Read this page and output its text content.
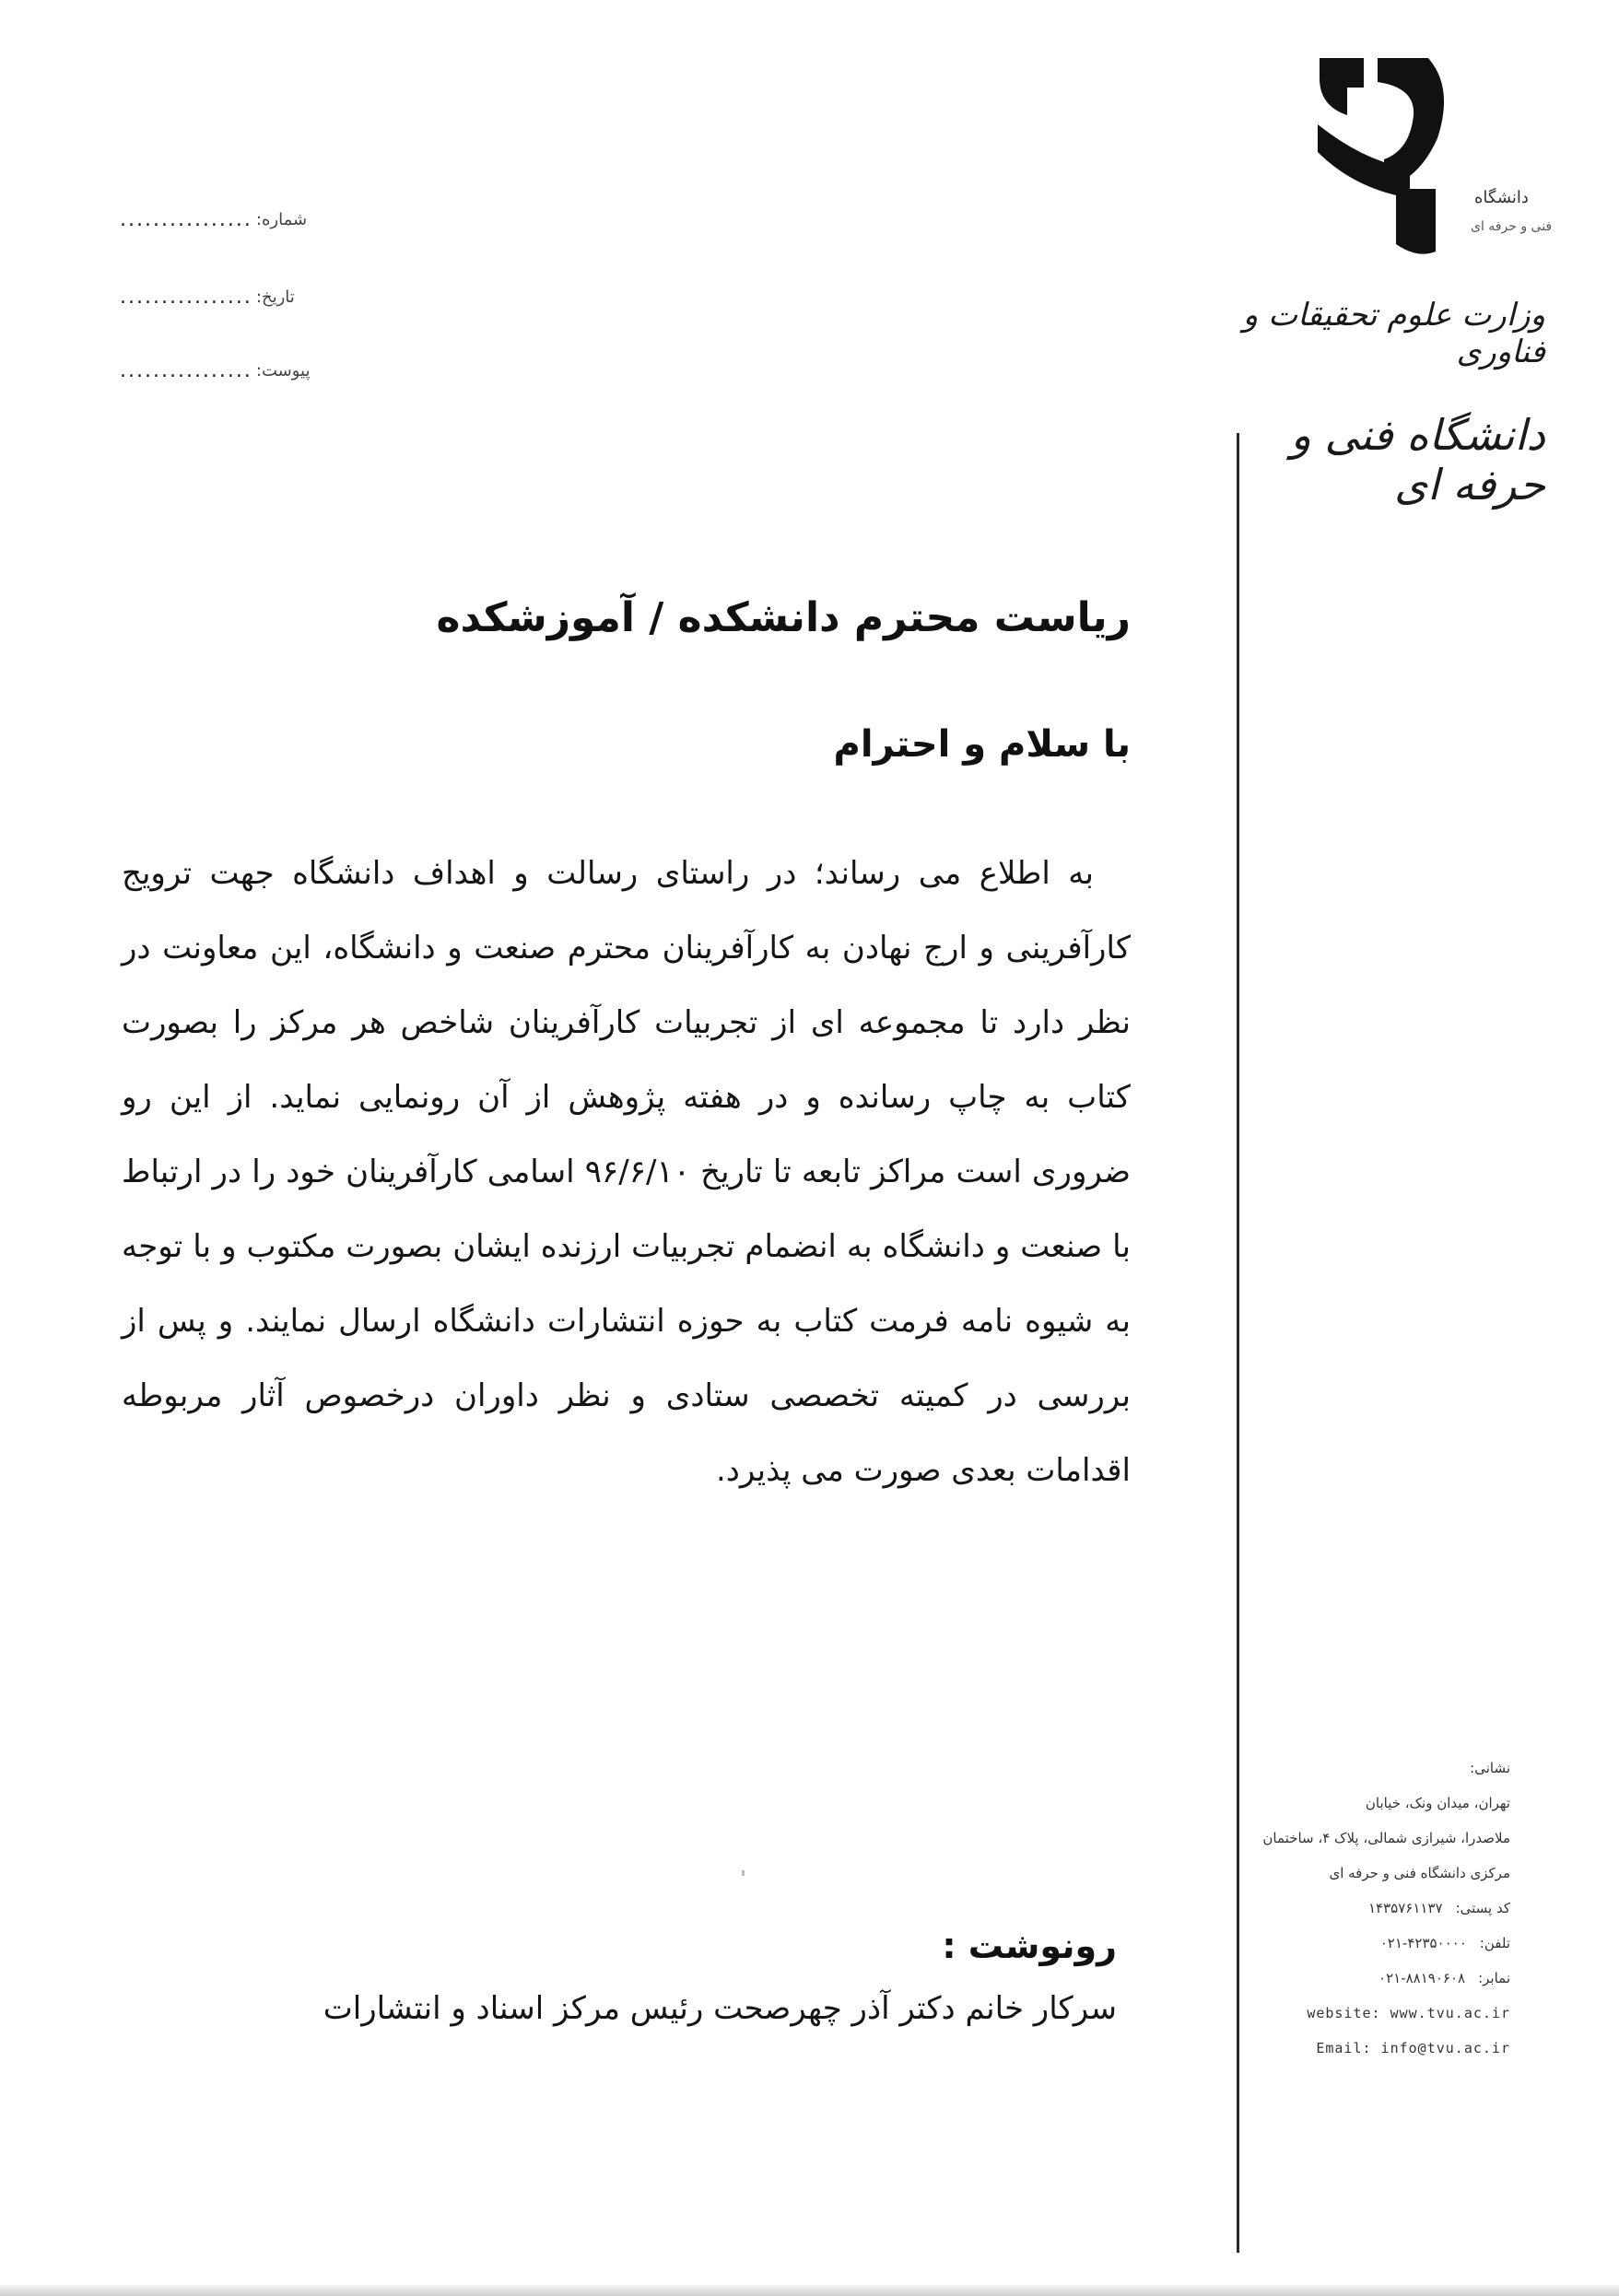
دانشگاه
فنی و حرفه ای
وزارت علوم تحقیقات و فناوری
دانشگاه فنی و حرفه ای
................ شماره:
................ تاریخ:
................ پیوست:
ریاست محترم دانشکده / آموزشکده
با سلام و احترام
به اطلاع می رساند؛ در راستای رسالت و اهداف دانشگاه جهت ترویج کارآفرینی و ارج نهادن به کارآفرینان محترم صنعت و دانشگاه، این معاونت در نظر دارد تا مجموعه ای از تجربیات کارآفرینان شاخص هر مرکز را بصورت کتاب به چاپ رسانده و در هفته پژوهش از آن رونمایی نماید. از این رو ضروری است مراکز تابعه تا تاریخ ۹۶/۶/۱۰ اسامی کارآفرینان خود را در ارتباط با صنعت و دانشگاه به انضمام تجربیات ارزنده ایشان بصورت مکتوب و با توجه به شیوه نامه فرمت کتاب به حوزه انتشارات دانشگاه ارسال نمایند. و پس از بررسی در کمیته تخصصی ستادی و نظر داوران درخصوص آثار مربوطه اقدامات بعدی صورت می پذیرد.
رونوشت :
سرکار خانم دکتر آذر چهرصحت رئیس مرکز اسناد و انتشارات
نشانی:
تهران، میدان ونک، خیابان
ملاصدرا، شیرازی شمالی، پلاک ۴، ساختمان
مرکزی دانشگاه فنی و حرفه ای
کد پستی:
۱۴۳۵۷۶۱۱۳۷
تلفن:
۰۲۱-۴۲۳۵۰۰۰۰
نمابر:
۰۲۱-۸۸۱۹۰۶۰۸
website: www.tvu.ac.ir
Email: info@tvu.ac.ir
